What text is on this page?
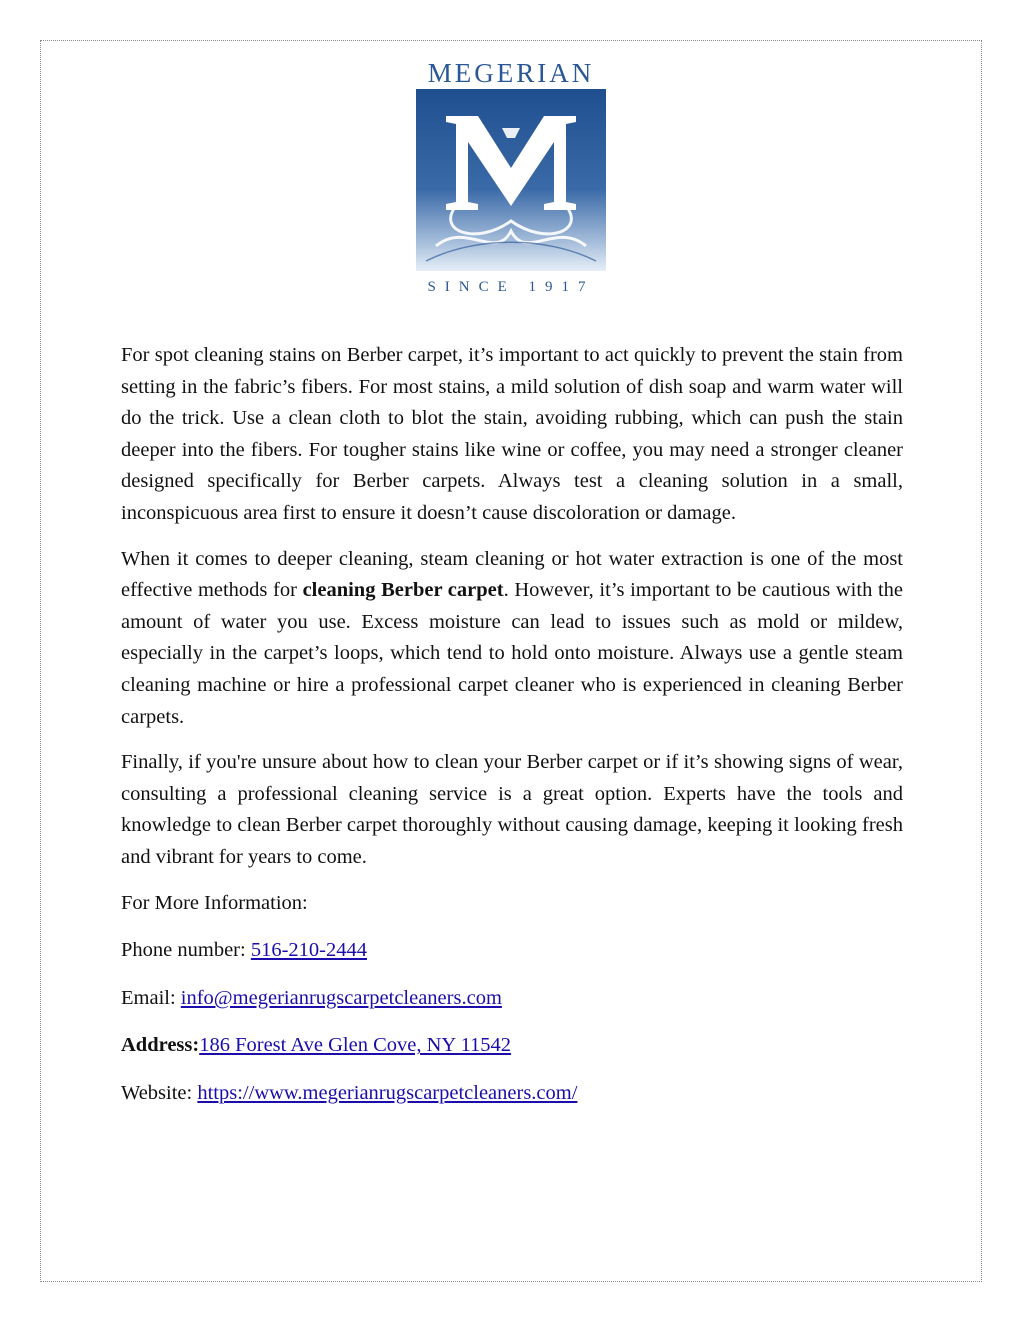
MEGERIAN
SINCE 1917

For spot cleaning stains on Berber carpet, it’s important to act quickly to prevent the stain from setting in the fabric’s fibers. For most stains, a mild solution of dish soap and warm water will do the trick. Use a clean cloth to blot the stain, avoiding rubbing, which can push the stain deeper into the fibers. For tougher stains like wine or coffee, you may need a stronger cleaner designed specifically for Berber carpets. Always test a cleaning solution in a small, inconspicuous area first to ensure it doesn’t cause discoloration or damage.

When it comes to deeper cleaning, steam cleaning or hot water extraction is one of the most effective methods for cleaning Berber carpet. However, it’s important to be cautious with the amount of water you use. Excess moisture can lead to issues such as mold or mildew, especially in the carpet’s loops, which tend to hold onto moisture. Always use a gentle steam cleaning machine or hire a professional carpet cleaner who is experienced in cleaning Berber carpets.

Finally, if you're unsure about how to clean your Berber carpet or if it’s showing signs of wear, consulting a professional cleaning service is a great option. Experts have the tools and knowledge to clean Berber carpet thoroughly without causing damage, keeping it looking fresh and vibrant for years to come.

For More Information:

Phone number: 516-210-2444

Email: info@megerianrugscarpetcleaners.com

Address:186 Forest Ave Glen Cove, NY 11542

Website: https://www.megerianrugscarpetcleaners.com/
